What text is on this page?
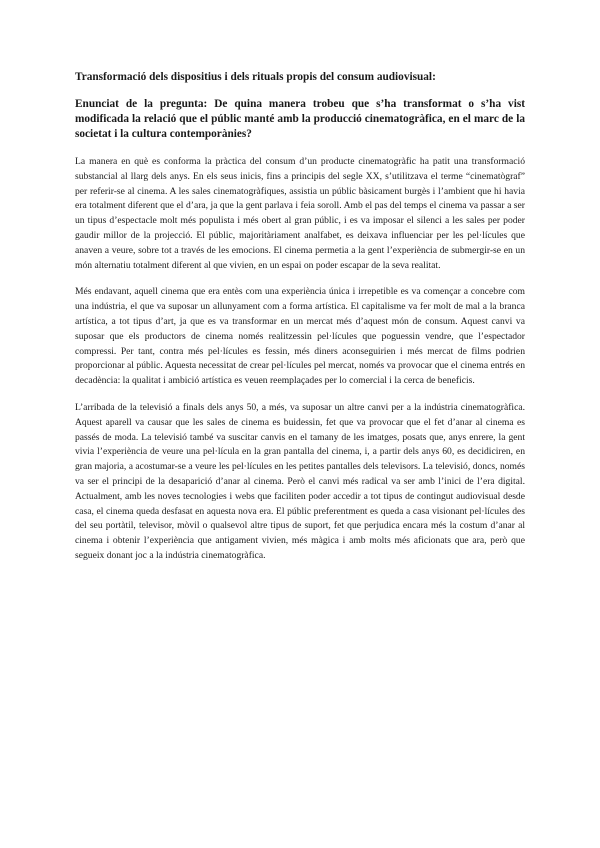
Transformació dels dispositius i dels rituals propis del consum audiovisual:

Enunciat de la pregunta: De quina manera trobeu que s’ha transformat o s’ha vist modificada la relació que el públic manté amb la producció cinematogràfica, en el marc de la societat i la cultura contemporànies?

La manera en què es conforma la pràctica del consum d’un producte cinematogràfic ha patit una transformació substancial al llarg dels anys. En els seus inicis, fins a principis del segle XX, s’utilitzava el terme “cinematògraf” per referir-se al cinema. A les sales cinematogràfiques, assistia un públic bàsicament burgès i l’ambient que hi havia era totalment diferent que el d’ara, ja que la gent parlava i feia soroll. Amb el pas del temps el cinema va passar a ser un tipus d’espectacle molt més populista i més obert al gran públic, i es va imposar el silenci a les sales per poder gaudir millor de la projecció. El públic, majoritàriament analfabet, es deixava influenciar per les pel·lícules que anaven a veure, sobre tot a través de les emocions. El cinema permetia a la gent l’experiència de submergir-se en un món alternatiu totalment diferent al que vivien, en un espai on poder escapar de la seva realitat.

Més endavant, aquell cinema que era entès com una experiència única i irrepetible es va començar a concebre com una indústria, el que va suposar un allunyament com a forma artística. El capitalisme va fer molt de mal a la branca artística, a tot tipus d’art, ja que es va transformar en un mercat més d’aquest món de consum. Aquest canvi va suposar que els productors de cinema només realitzessin pel·lícules que poguessin vendre, que l’espectador compressi. Per tant, contra més pel·lícules es fessin, més diners aconseguirien i més mercat de films podrien proporcionar al públic. Aquesta necessitat de crear pel·lícules pel mercat, només va provocar que el cinema entrés en decadència: la qualitat i ambició artística es veuen reemplaçades per lo comercial i la cerca de beneficis.

L’arribada de la televisió a finals dels anys 50, a més, va suposar un altre canvi per a la indústria cinematogràfica. Aquest aparell va causar que les sales de cinema es buidessin, fet que va provocar que el fet d’anar al cinema es passés de moda. La televisió també va suscitar canvis en el tamany de les imatges, posats que, anys enrere, la gent vivia l’experiència de veure una pel·lícula en la gran pantalla del cinema, i, a partir dels anys 60, es decidiciren, en gran majoria, a acostumar-se a veure les pel·lícules en les petites pantalles dels televisors. La televisió, doncs, només va ser el principi de la desaparició d’anar al cinema. Però el canvi més radical va ser amb l’inici de l’era digital. Actualment, amb les noves tecnologies i webs que faciliten poder accedir a tot tipus de contingut audiovisual desde casa, el cinema queda desfasat en aquesta nova era. El públic preferentment es queda a casa visionant pel·lícules des del seu portàtil, televisor, mòvil o qualsevol altre tipus de suport, fet que perjudica encara més la costum d’anar al cinema i obtenir l’experiència que antigament vivien, més màgica i amb molts més aficionats que ara, però que segueix donant joc a la indústria cinematogràfica.
